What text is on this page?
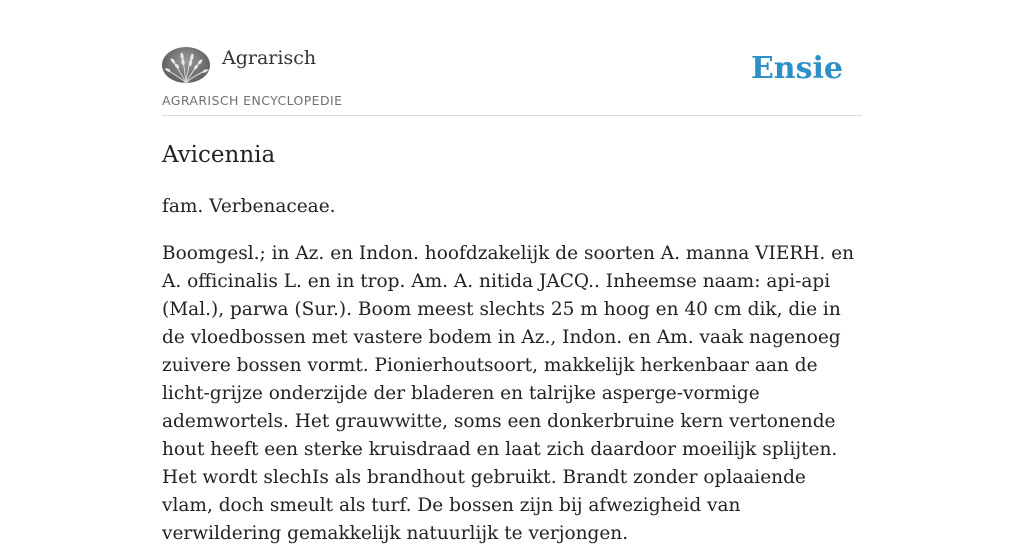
Agrarisch
AGRARISCH ENCYCLOPEDIE
Ensie
Avicennia

fam. Verbenaceae.

Boomgesl.; in Az. en Indon. hoofdzakelijk de soorten A. manna VIERH. en A. officinalis L. en in trop. Am. A. nitida JACQ.. Inheemse naam: api-api (Mal.), parwa (Sur.). Boom meest slechts 25 m hoog en 40 cm dik, die in de vloedbossen met vastere bodem in Az., Indon. en Am. vaak nagenoeg zuivere bossen vormt. Pionierhoutsoort, makkelijk herkenbaar aan de licht-grijze onderzijde der bladeren en talrijke asperge-vormige ademwortels. Het grauwwitte, soms een donkerbruine kern vertonende hout heeft een sterke kruisdraad en laat zich daardoor moeilijk splijten. Het wordt slechIs als brandhout gebruikt. Brandt zonder oplaaiende vlam, doch smeult als turf. De bossen zijn bij afwezigheid van verwildering gemakkelijk natuurlijk te verjongen.
